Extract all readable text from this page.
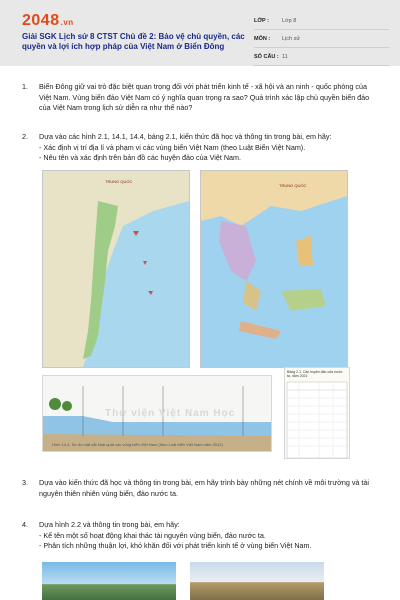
2048.vn
Giải SGK Lịch sử 8 CTST Chủ đề 2: Bảo vệ chủ quyền, các quyền và lợi ích hợp pháp của Việt Nam ở Biển Đông
LỚP :	Lớp 8
MÔN :	Lịch sử
SỐ CÂU : 11
1. Biển Đông giữ vai trò đặc biệt quan trọng đối với phát triển kinh tế - xã hội và an ninh - quốc phòng của Việt Nam. Vùng biển đảo Việt Nam có ý nghĩa quan trọng ra sao? Quá trình xác lập chủ quyền biển đảo của Việt Nam trong lịch sử diễn ra như thế nào?
2. Dựa vào các hình 2.1, 14.1, 14.4, bảng 2.1, kiến thức đã học và thông tin trong bài, em hãy:
- Xác định vị trí địa lí và phạm vi các vùng biển Việt Nam (theo Luật Biển Việt Nam).
- Nêu tên và xác định trên bản đồ các huyện đảo của Việt Nam.
TRUNG QUỐC
TRUNG QUỐC
Thư viện Việt Nam Học
Hình 14.4. Sơ đồ mặt cắt khái quát các vùng biển Việt Nam (theo Luật biển Việt Nam năm 2012)
Bảng 2.1. Các huyện đảo của nước ta, năm 2021
3. Dựa vào kiến thức đã học và thông tin trong bài, em hãy trình bày những nét chính về môi trường và tài nguyên thiên nhiên vùng biển, đảo nước ta.
4. Dựa hình 2.2 và thông tin trong bài, em hãy:
- Kể tên một số hoạt động khai thác tài nguyên vùng biển, đảo nước ta.
- Phân tích những thuận lợi, khó khăn đối với phát triển kinh tế ở vùng biển Việt Nam.
